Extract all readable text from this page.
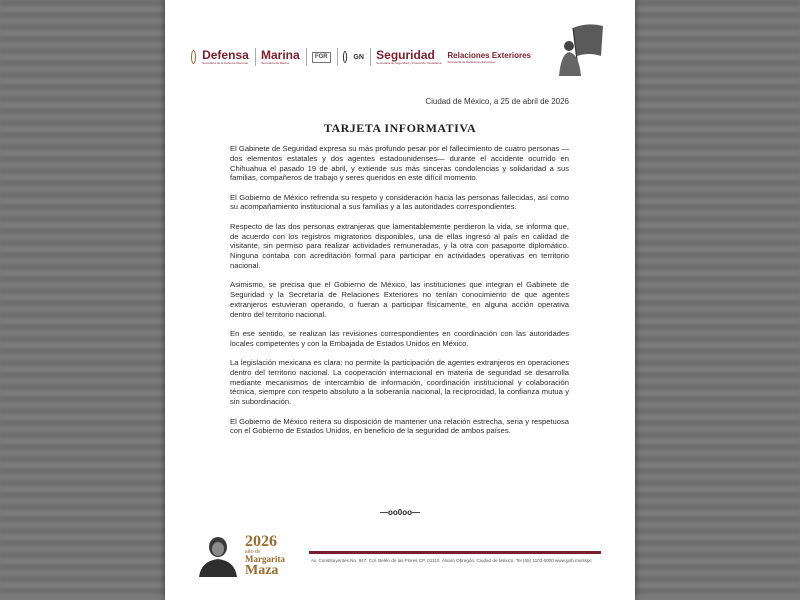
Defensa
Secretaría de la Defensa Nacional
Marina
Secretaría de Marina
FGR	GN Seguridad
Secretaría de Seguridad y Protección Ciudadana
Relaciones Exteriores
Secretaría de Relaciones Exteriores
Ciudad de México, a 25 de abril de 2026
TARJETA INFORMATIVA

El Gabinete de Seguridad expresa su más profundo pesar por el fallecimiento de cuatro personas —dos elementos estatales y dos agentes estadounidenses— durante el accidente ocurrido en Chihuahua el pasado 19 de abril, y extiende sus más sinceras condolencias y solidaridad a sus familias, compañeros de trabajo y seres queridos en este difícil momento.

El Gobierno de México refrenda su respeto y consideración hacia las personas fallecidas, así como su acompañamiento institucional a sus familias y a las autoridades correspondientes.

Respecto de las dos personas extranjeras que lamentablemente perdieron la vida, se informa que, de acuerdo con los registros migratorios disponibles, una de ellas ingresó al país en calidad de visitante, sin permiso para realizar actividades remuneradas, y la otra con pasaporte diplomático. Ninguna contaba con acreditación formal para participar en actividades operativas en territorio nacional.

Asimismo, se precisa que el Gobierno de México, las instituciones que integran el Gabinete de Seguridad y la Secretaría de Relaciones Exteriores no tenían conocimiento de que agentes extranjeros estuvieran operando, o fueran a participar físicamente, en alguna acción operativa dentro del territorio nacional.

En ese sentido, se realizan las revisiones correspondientes en coordinación con las autoridades locales competentes y con la Embajada de Estados Unidos en México.

La legislación mexicana es clara: no permite la participación de agentes extranjeros en operaciones dentro del territorio nacional. La cooperación internacional en materia de seguridad se desarrolla mediante mecanismos de intercambio de información, coordinación institucional y colaboración técnica, siempre con respeto absoluto a la soberanía nacional, la reciprocidad, la confianza mutua y sin subordinación.

El Gobierno de México reitera su disposición de mantener una relación estrecha, seria y respetuosa con el Gobierno de Estados Unidos, en beneficio de la seguridad de ambos países.

—oo0oo—
2026
año de
Margarita
Maza
Av. Constituyentes No. 947, Col. Belén de las Flores CP. 01110, Álvaro Obregón, Ciudad de México. Tel (55) 1103 6000 www.gob.mx/sspc
